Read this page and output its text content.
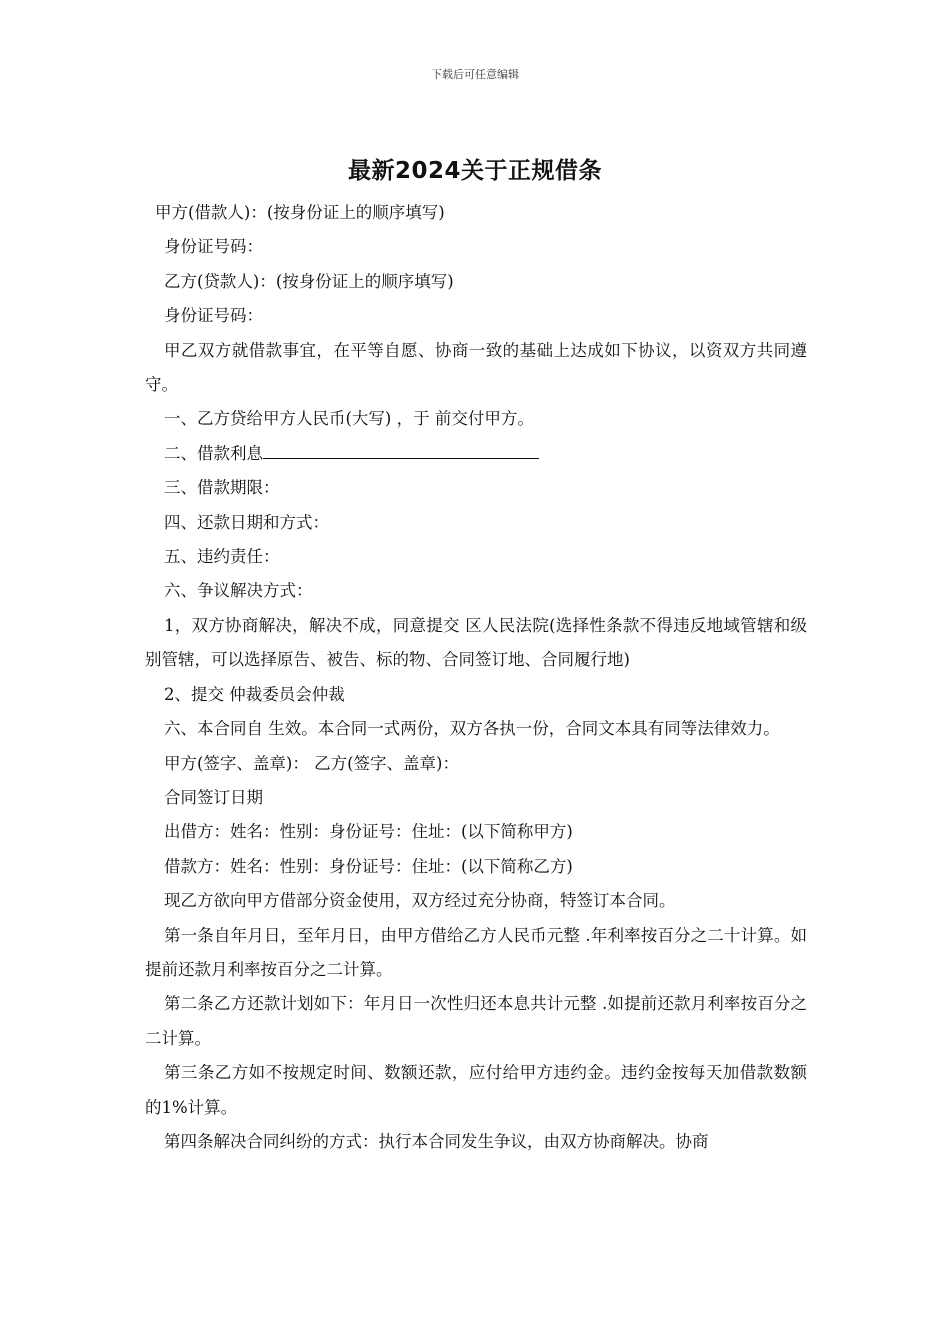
下载后可任意编辑
最新2024关于正规借条

甲方(借款人)：(按身份证上的顺序填写)

身份证号码：

乙方(贷款人)：(按身份证上的顺序填写)

身份证号码：

甲乙双方就借款事宜，在平等自愿、协商一致的基础上达成如下协议，以资双方共同遵守。

一、乙方贷给甲方人民币(大写) ，于 前交付甲方。

二、借款利息

三、借款期限：

四、还款日期和方式：

五、违约责任：

六、争议解决方式：

1，双方协商解决，解决不成，同意提交 区人民法院(选择性条款不得违反地域管辖和级别管辖，可以选择原告、被告、标的物、合同签订地、合同履行地)

2、提交 仲裁委员会仲裁

六、本合同自 生效。本合同一式两份，双方各执一份，合同文本具有同等法律效力。

甲方(签字、盖章)： 乙方(签字、盖章)：

合同签订日期

出借方：姓名：性别：身份证号：住址：(以下简称甲方)

借款方：姓名：性别：身份证号：住址：(以下简称乙方)

现乙方欲向甲方借部分资金使用，双方经过充分协商，特签订本合同。

第一条自年月日，至年月日，由甲方借给乙方人民币元整 .年利率按百分之二十计算。如提前还款月利率按百分之二计算。

第二条乙方还款计划如下：年月日一次性归还本息共计元整 .如提前还款月利率按百分之二计算。

第三条乙方如不按规定时间、数额还款，应付给甲方违约金。违约金按每天加借款数额的1%计算。

第四条解决合同纠纷的方式：执行本合同发生争议，由双方协商解决。协商
